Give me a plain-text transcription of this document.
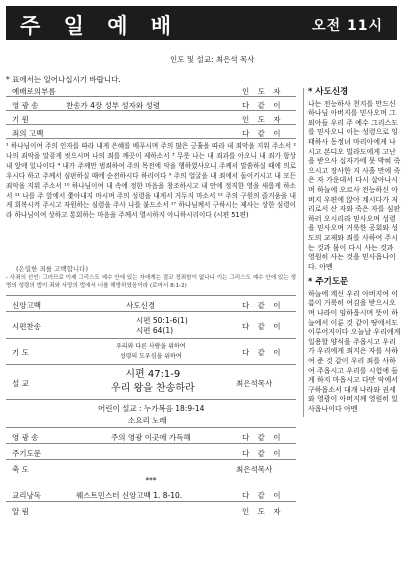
주 일 예 배	오전 11시
인도 및 설교: 최은석 목사
* 표에서는 일어나십시기 바랍니다.
예배로의부름	인 도 자
영 광 송	찬송가 4장 성부 성자와 성령	다 같 이
기 원	인 도 자
죄의 고백	다 같 이
¹ 하나님이여 주의 인자를 따라 내게 은혜를 베푸시며 주의 많은 긍휼을 따라 내 죄악을 지워 주소서 ² 나의 죄악을 말갛게 씻으시며 나의 죄를 깨끗이 제하소서 ³ 무릇 나는 내 죄과를 아오니 내 죄가 항상 내 앞에 있나이다 ⁴ 내가 주께만 범죄하여 주의 목전에 악을 행하였사오니 주께서 말씀하실 때에 의로우시다 하고 주께서 심판하실 때에 순전하시다 하리이다 ⁹ 주의 얼굴을 내 죄에서 돌이키시고 내 모든 죄악을 지워 주소서 ¹⁰ 하나님이여 내 속에 정한 마음을 창조하시고 내 안에 정직한 영을 새롭게 하소서 ¹¹ 나를 주 앞에서 쫓아내지 마시며 주의 성령을 내게서 거두지 마소서 ¹² 주의 구원의 즐거움을 내게 회복시켜 주시고 자원하는 심령을 주사 나를 붙드소서 ¹⁷ 하나님께서 구하시는 제사는 상한 심령이라 하나님이여 상하고 통회하는 마음을 주께서 멸시하지 아니하시리이다 (시편 51편)
(은밀한 죄를 고백합니다)
- 사죄의 선언: 그러므로 이제 그리스도 예수 안에 있는 자에게는 결코 정죄함이 없나니 이는 그리스도 예수 안에 있는 생명의 성령의 법이 죄와 사망의 법에서 너를 해방하였음이라 (로마서 8:1-2)
신앙고백	사도신경	다 같 이
시편찬송
시편 50:1-6(1)
시편 64(1)	다 같 이
기 도
우리와 다른 사람을 위하여
성령의 도우심을 위하여	다 같 이
설 교
시편 47:1-9
우리 왕을 찬송하라	최은석목사
어린이 설교 : 누가복음 18:9-14
소요리 노래
영 광 송	주의 영광 이곳에 가득해	다 같 이
주기도문	다 같 이
축 도	최은석목사
***
교리낭독	웨스트민스터 신앙고백 1. 8-10.	다 같 이
알 림	인 도 자

* 사도신경

나는 전능하사 천지를 만드신 하나님 아버지를 믿사오며 그 외아들 우리 주 예수 그리스도를 믿사오니 이는 성령으로 잉태하사 동정녀 마리아에게 나시고 본디오 빌라도에게 고난을 받으사 십자가에 못 박혀 죽으시고 장사한 지 사흘 만에 죽은 자 가운데서 다시 살아나시며 하늘에 오르사 전능하신 아버지 우편에 앉아 계시다가 저리로서 산 자와 죽은 자를 심판하러 오시리라 믿사오며 성령을 믿사오며 거룩한 공회와 성도의 교제와 죄를 사하여 주시는 것과 몸이 다시 사는 것과 영원히 사는 것을 믿사옵나이다. 아멘

* 주기도문

하늘에 계신 우리 아버지여 이름이 거룩히 여김을 받으시오며 나라이 임하옵시며 뜻이 하늘에서 이룬 것 같이 땅에서도 이루어지이다 오늘날 우리에게 일용할 양식을 주옵시고 우리가 우리에게 죄지은 자를 사하여 준 것 같이 우리 죄를 사하여 주옵시고 우리를 시험에 들게 하지 마옵시고 다만 악에서 구하옵소서 대개 나라와 권세와 영광이 아버지께 영원히 있사옵나이다 아멘
